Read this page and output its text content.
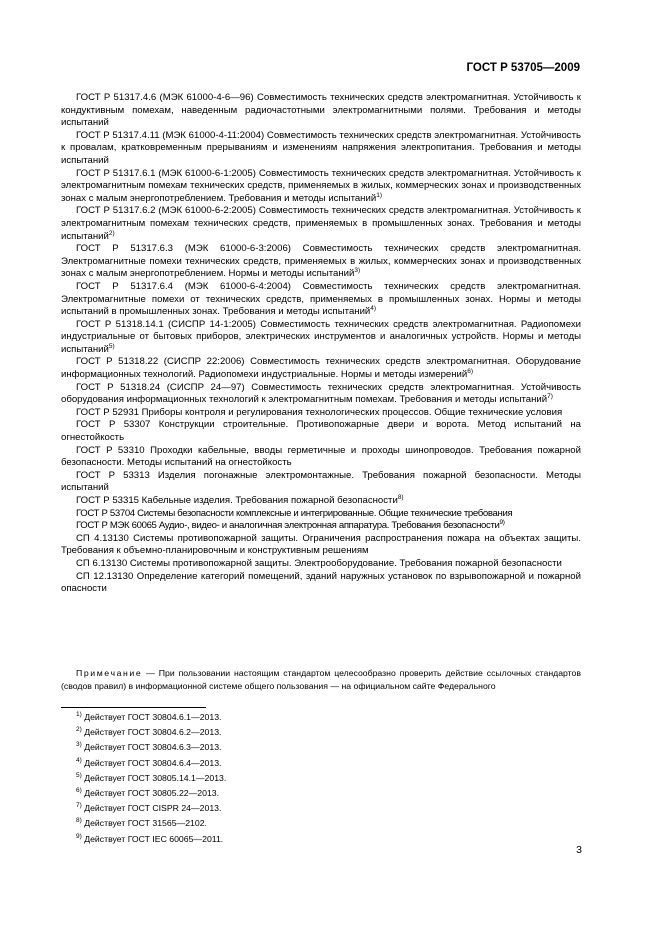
ГОСТ Р 53705—2009

ГОСТ Р 51317.4.6 (МЭК 61000-4-6—96) Совместимость технических средств электромагнитная. Устойчивость к кондуктивным помехам, наведенным радиочастотными электромагнитными полями. Требования и методы испытаний

ГОСТ Р 51317.4.11 (МЭК 61000-4-11:2004) Совместимость технических средств электромагнитная. Устойчивость к провалам, кратковременным прерываниям и изменениям напряжения электропитания. Требования и методы испытаний

ГОСТ Р 51317.6.1 (МЭК 61000-6-1:2005) Совместимость технических средств электромагнитная. Устойчивость к электромагнитным помехам технических средств, применяемых в жилых, коммерческих зонах и производственных зонах с малым энергопотреблением. Требования и методы испытаний$^{1)}$

ГОСТ Р 51317.6.2 (МЭК 61000-6-2:2005) Совместимость технических средств электромагнитная. Устойчивость к электромагнитным помехам технических средств, применяемых в промышленных зонах. Требования и методы испытаний$^{2)}$

ГОСТ Р 51317.6.3 (МЭК 61000-6-3:2006) Совместимость технических средств электромагнитная. Электромагнитные помехи технических средств, применяемых в жилых, коммерческих зонах и производственных зонах с малым энергопотреблением. Нормы и методы испытаний$^{3)}$

ГОСТ Р 51317.6.4 (МЭК 61000-6-4:2004) Совместимость технических средств электромагнитная. Электромагнитные помехи от технических средств, применяемых в промышленных зонах. Нормы и методы испытаний в промышленных зонах. Требования и методы испытаний$^{4)}$

ГОСТ Р 51318.14.1 (СИСПР 14-1:2005) Совместимость технических средств электромагнитная. Радиопомехи индустриальные от бытовых приборов, электрических инструментов и аналогичных устройств. Нормы и методы испытаний$^{5)}$

ГОСТ Р 51318.22 (СИСПР 22:2006) Совместимость технических средств электромагнитная. Оборудование информационных технологий. Радиопомехи индустриальные. Нормы и методы измерений$^{6)}$

ГОСТ Р 51318.24 (СИСПР 24—97) Совместимость технических средств электромагнитная. Устойчивость оборудования информационных технологий к электромагнитным помехам. Требования и методы испытаний$^{7)}$

ГОСТ Р 52931 Приборы контроля и регулирования технологических процессов. Общие технические условия

ГОСТ Р 53307 Конструкции строительные. Противопожарные двери и ворота. Метод испытаний на огнестойкость

ГОСТ Р 53310 Проходки кабельные, вводы герметичные и проходы шинопроводов. Требования пожарной безопасности. Методы испытаний на огнестойкость

ГОСТ Р 53313 Изделия погонажные электромонтажные. Требования пожарной безопасности. Методы испытаний

ГОСТ Р 53315 Кабельные изделия. Требования пожарной безопасности$^{8)}$

ГОСТ Р 53704 Системы безопасности комплексные и интегрированные. Общие технические требования

ГОСТ Р МЭК 60065 Аудио-, видео- и аналогичная электронная аппаратура. Требования безопасности$^{9)}$

СП 4.13130 Системы противопожарной защиты. Ограничения распространения пожара на объектах защиты. Требования к объемно-планировочным и конструктивным решениям

СП 6.13130 Системы противопожарной защиты. Электрооборудование. Требования пожарной безопасности

СП 12.13130 Определение категорий помещений, зданий наружных установок по взрывопожарной и пожарной опасности

Примечание — При пользовании настоящим стандартом целесообразно проверить действие ссылочных стандартов (сводов правил) в информационной системе общего пользования — на официальном сайте Федерального

$^{1)}$ Действует ГОСТ 30804.6.1—2013.

$^{2)}$ Действует ГОСТ 30804.6.2—2013.

$^{3)}$ Действует ГОСТ 30804.6.3—2013.

$^{4)}$ Действует ГОСТ 30804.6.4—2013.

$^{5)}$ Действует ГОСТ 30805.14.1—2013.

$^{6)}$ Действует ГОСТ 30805.22—2013.

$^{7)}$ Действует ГОСТ CISPR 24—2013.

$^{8)}$ Действует ГОСТ 31565—2102.

$^{9)}$ Действует ГОСТ IEC 60065—2011.

3
